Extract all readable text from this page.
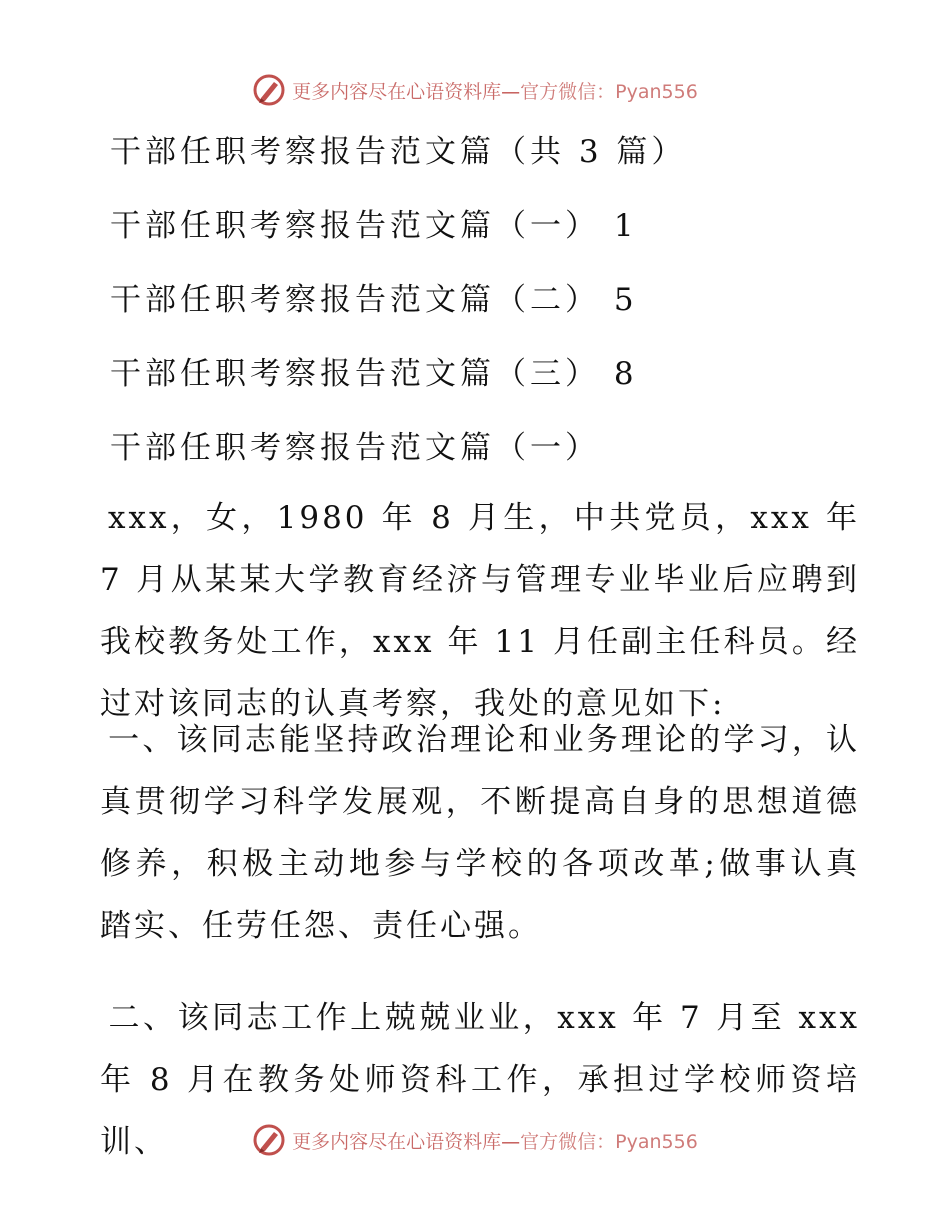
更多内容尽在心语资料库—官方微信：Pyan556
干部任职考察报告范文篇（共 3 篇）
干部任职考察报告范文篇（一） 1
干部任职考察报告范文篇（二） 5
干部任职考察报告范文篇（三） 8
干部任职考察报告范文篇（一）
xxx，女，1980 年 8 月生，中共党员，xxx 年 7 月从某某大学教育经济与管理专业毕业后应聘到我校教务处工作，xxx 年 11 月任副主任科员。经过对该同志的认真考察，我处的意见如下:
一、该同志能坚持政治理论和业务理论的学习，认真贯彻学习科学发展观，不断提高自身的思想道德修养，积极主动地参与学校的各项改革;做事认真踏实、任劳任怨、责任心强。
二、该同志工作上兢兢业业，xxx 年 7 月至 xxx 年 8 月在教务处师资科工作，承担过学校师资培训、	更多内容尽在心语资料库—官方微信：Pyan556
